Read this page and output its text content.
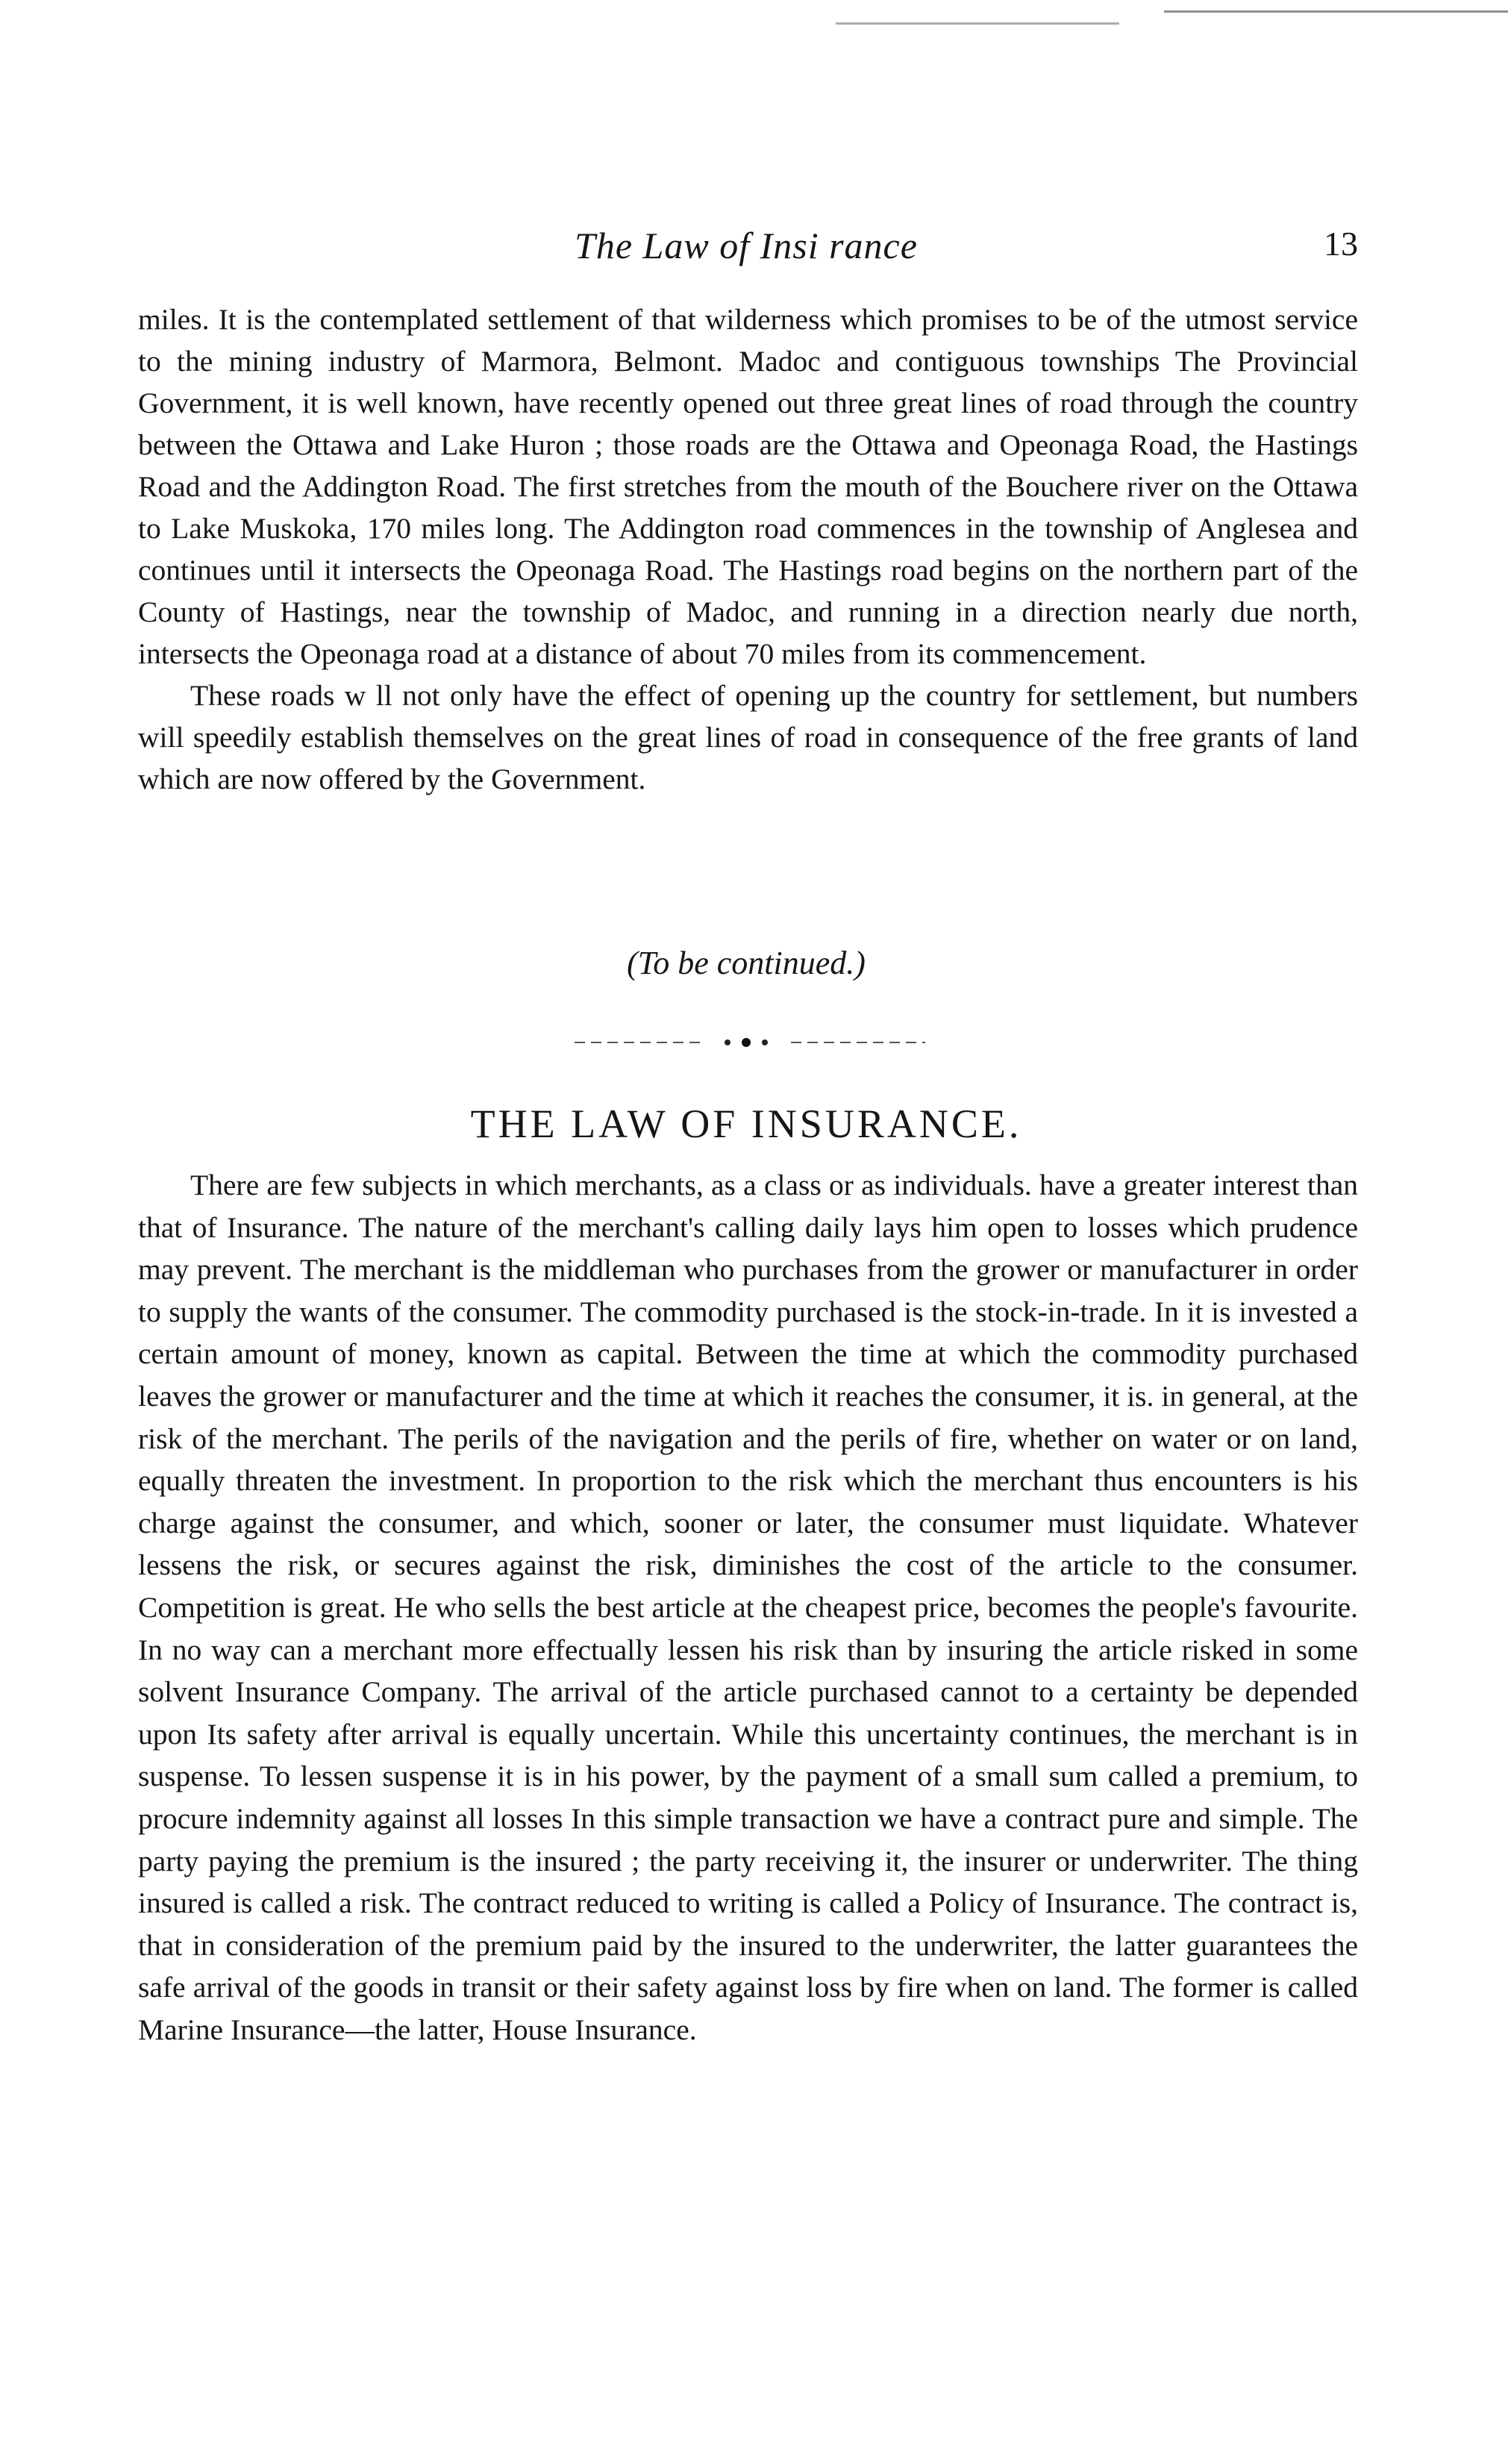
The Law of Insi rance	13

miles. It is the contemplated settlement of that wilderness which promises to be of the utmost service to the mining industry of Marmora, Belmont. Madoc and contiguous townships The Provincial Government, it is well known, have recently opened out three great lines of road through the country between the Ottawa and Lake Huron ; those roads are the Ottawa and Opeonaga Road, the Hastings Road and the Addington Road. The first stretches from the mouth of the Bouchere river on the Ottawa to Lake Muskoka, 170 miles long. The Addington road commences in the township of Anglesea and continues until it intersects the Opeonaga Road. The Hastings road begins on the northern part of the County of Hastings, near the township of Madoc, and running in a direction nearly due north, intersects the Opeonaga road at a distance of about 70 miles from its commencement.

These roads w ll not only have the effect of opening up the country for settlement, but numbers will speedily establish themselves on the great lines of road in consequence of the free grants of land which are now offered by the Government.

(To be continued.)
THE LAW OF INSURANCE.

There are few subjects in which merchants, as a class or as individuals. have a greater interest than that of Insurance. The nature of the merchant's calling daily lays him open to losses which prudence may prevent. The merchant is the middleman who purchases from the grower or manufacturer in order to supply the wants of the consumer. The commodity purchased is the stock-in-trade. In it is invested a certain amount of money, known as capital. Between the time at which the commodity purchased leaves the grower or manufacturer and the time at which it reaches the consumer, it is. in general, at the risk of the merchant. The perils of the navigation and the perils of fire, whether on water or on land, equally threaten the investment. In proportion to the risk which the merchant thus encounters is his charge against the consumer, and which, sooner or later, the consumer must liquidate. Whatever lessens the risk, or secures against the risk, diminishes the cost of the article to the consumer. Competition is great. He who sells the best article at the cheapest price, becomes the people's favourite. In no way can a merchant more effectually lessen his risk than by insuring the article risked in some solvent Insurance Company. The arrival of the article purchased cannot to a certainty be depended upon Its safety after arrival is equally uncertain. While this uncertainty continues, the merchant is in suspense. To lessen suspense it is in his power, by the payment of a small sum called a premium, to procure indemnity against all losses In this simple transaction we have a contract pure and simple. The party paying the premium is the insured ; the party receiving it, the insurer or underwriter. The thing insured is called a risk. The contract reduced to writing is called a Policy of Insurance. The contract is, that in consideration of the premium paid by the insured to the underwriter, the latter guarantees the safe arrival of the goods in transit or their safety against loss by fire when on land. The former is called Marine Insurance—the latter, House Insurance.
